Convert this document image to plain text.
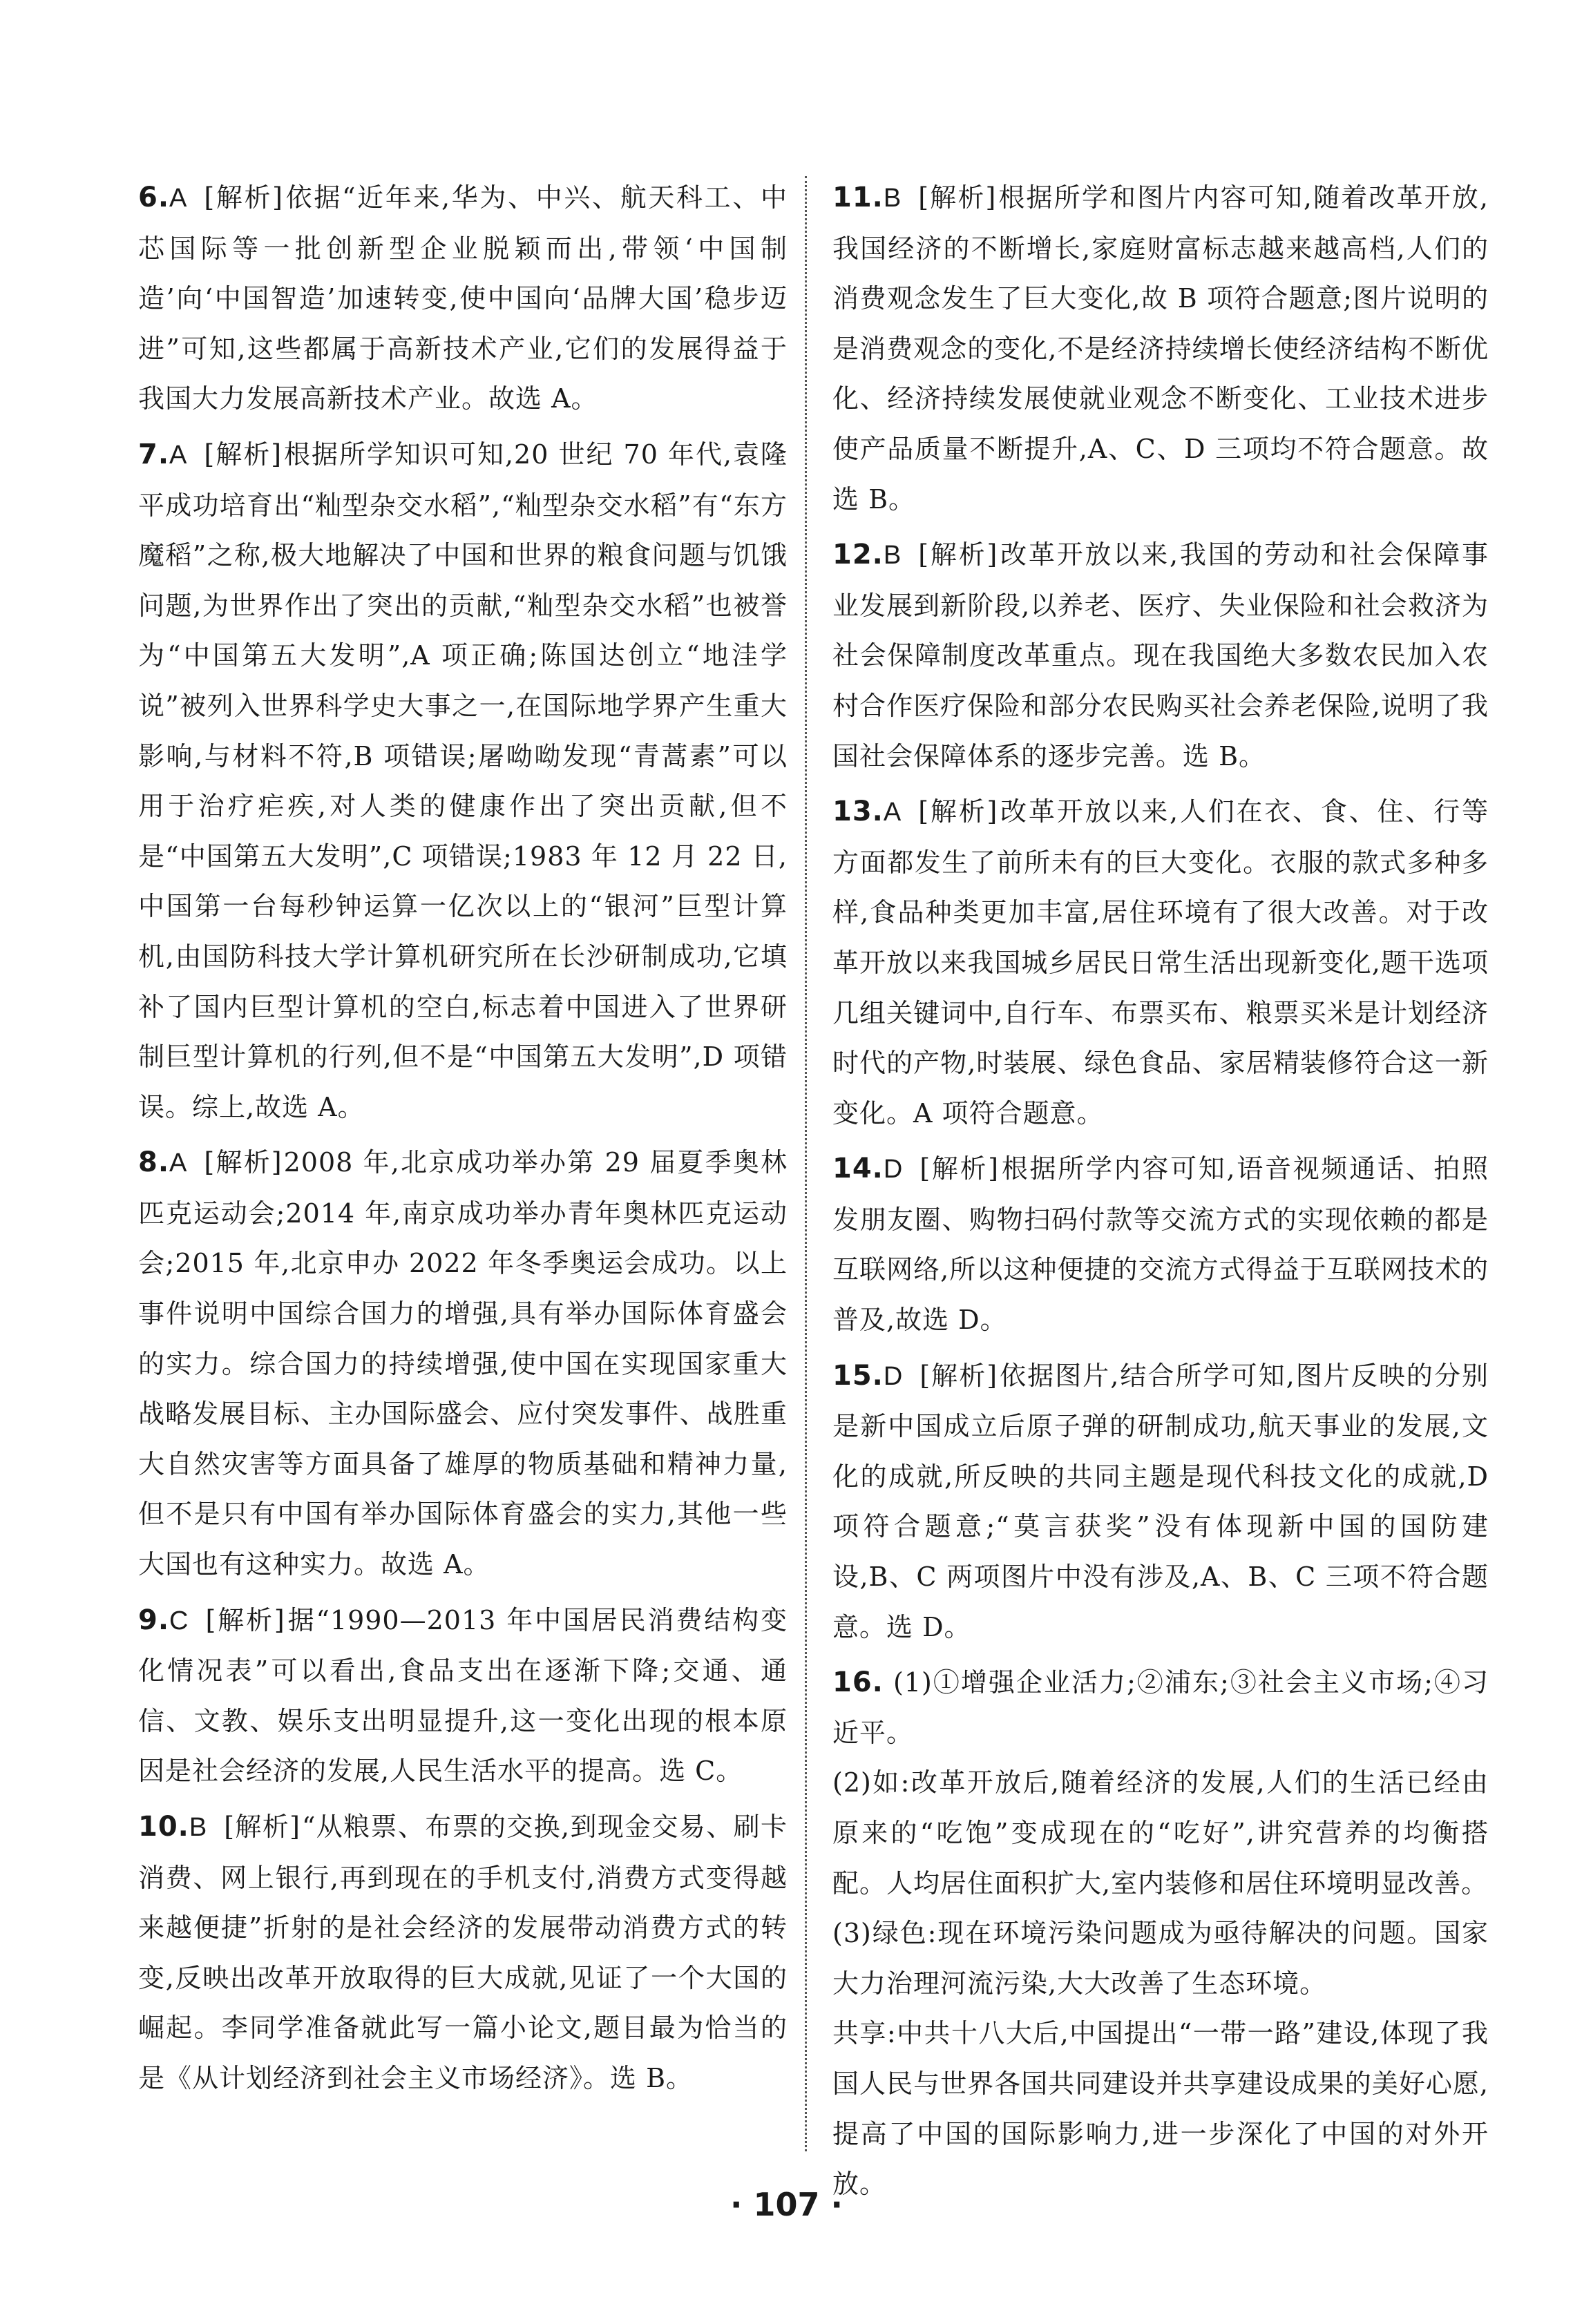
6.A [解析]依据“近年来,华为、中兴、航天科工、中芯国际等一批创新型企业脱颖而出,带领‘中国制造’向‘中国智造’加速转变,使中国向‘品牌大国’稳步迈进”可知,这些都属于高新技术产业,它们的发展得益于我国大力发展高新技术产业。故选 A。

7.A [解析]根据所学知识可知,20 世纪 70 年代,袁隆平成功培育出“籼型杂交水稻”,“籼型杂交水稻”有“东方魔稻”之称,极大地解决了中国和世界的粮食问题与饥饿问题,为世界作出了突出的贡献,“籼型杂交水稻”也被誉为“中国第五大发明”,A 项正确;陈国达创立“地洼学说”被列入世界科学史大事之一,在国际地学界产生重大影响,与材料不符,B 项错误;屠呦呦发现“青蒿素”可以用于治疗疟疾,对人类的健康作出了突出贡献,但不是“中国第五大发明”,C 项错误;1983 年 12 月 22 日,中国第一台每秒钟运算一亿次以上的“银河”巨型计算机,由国防科技大学计算机研究所在长沙研制成功,它填补了国内巨型计算机的空白,标志着中国进入了世界研制巨型计算机的行列,但不是“中国第五大发明”,D 项错误。综上,故选 A。

8.A [解析]2008 年,北京成功举办第 29 届夏季奥林匹克运动会;2014 年,南京成功举办青年奥林匹克运动会;2015 年,北京申办 2022 年冬季奥运会成功。以上事件说明中国综合国力的增强,具有举办国际体育盛会的实力。综合国力的持续增强,使中国在实现国家重大战略发展目标、主办国际盛会、应付突发事件、战胜重大自然灾害等方面具备了雄厚的物质基础和精神力量,但不是只有中国有举办国际体育盛会的实力,其他一些大国也有这种实力。故选 A。

9.C [解析]据“1990—2013 年中国居民消费结构变化情况表”可以看出,食品支出在逐渐下降;交通、通信、文教、娱乐支出明显提升,这一变化出现的根本原因是社会经济的发展,人民生活水平的提高。选 C。

10.B [解析]“从粮票、布票的交换,到现金交易、刷卡消费、网上银行,再到现在的手机支付,消费方式变得越来越便捷”折射的是社会经济的发展带动消费方式的转变,反映出改革开放取得的巨大成就,见证了一个大国的崛起。李同学准备就此写一篇小论文,题目最为恰当的是《从计划经济到社会主义市场经济》。选 B。

11.B [解析]根据所学和图片内容可知,随着改革开放,我国经济的不断增长,家庭财富标志越来越高档,人们的消费观念发生了巨大变化,故 B 项符合题意;图片说明的是消费观念的变化,不是经济持续增长使经济结构不断优化、经济持续发展使就业观念不断变化、工业技术进步使产品质量不断提升,A、C、D 三项均不符合题意。故选 B。

12.B [解析]改革开放以来,我国的劳动和社会保障事业发展到新阶段,以养老、医疗、失业保险和社会救济为社会保障制度改革重点。现在我国绝大多数农民加入农村合作医疗保险和部分农民购买社会养老保险,说明了我国社会保障体系的逐步完善。选 B。

13.A [解析]改革开放以来,人们在衣、食、住、行等方面都发生了前所未有的巨大变化。衣服的款式多种多样,食品种类更加丰富,居住环境有了很大改善。对于改革开放以来我国城乡居民日常生活出现新变化,题干选项几组关键词中,自行车、布票买布、粮票买米是计划经济时代的产物,时装展、绿色食品、家居精装修符合这一新变化。A 项符合题意。

14.D [解析]根据所学内容可知,语音视频通话、拍照发朋友圈、购物扫码付款等交流方式的实现依赖的都是互联网络,所以这种便捷的交流方式得益于互联网技术的普及,故选 D。

15.D [解析]依据图片,结合所学可知,图片反映的分别是新中国成立后原子弹的研制成功,航天事业的发展,文化的成就,所反映的共同主题是现代科技文化的成就,D 项符合题意;“莫言获奖”没有体现新中国的国防建设,B、C 两项图片中没有涉及,A、B、C 三项不符合题意。选 D。

16. (1)①增强企业活力;②浦东;③社会主义市场;④习近平。

(2)如:改革开放后,随着经济的发展,人们的生活已经由原来的“吃饱”变成现在的“吃好”,讲究营养的均衡搭配。人均居住面积扩大,室内装修和居住环境明显改善。

(3)绿色:现在环境污染问题成为亟待解决的问题。国家大力治理河流污染,大大改善了生态环境。

共享:中共十八大后,中国提出“一带一路”建设,体现了我国人民与世界各国共同建设并共享建设成果的美好心愿,提高了中国的国际影响力,进一步深化了中国的对外开放。

· 107 ·
